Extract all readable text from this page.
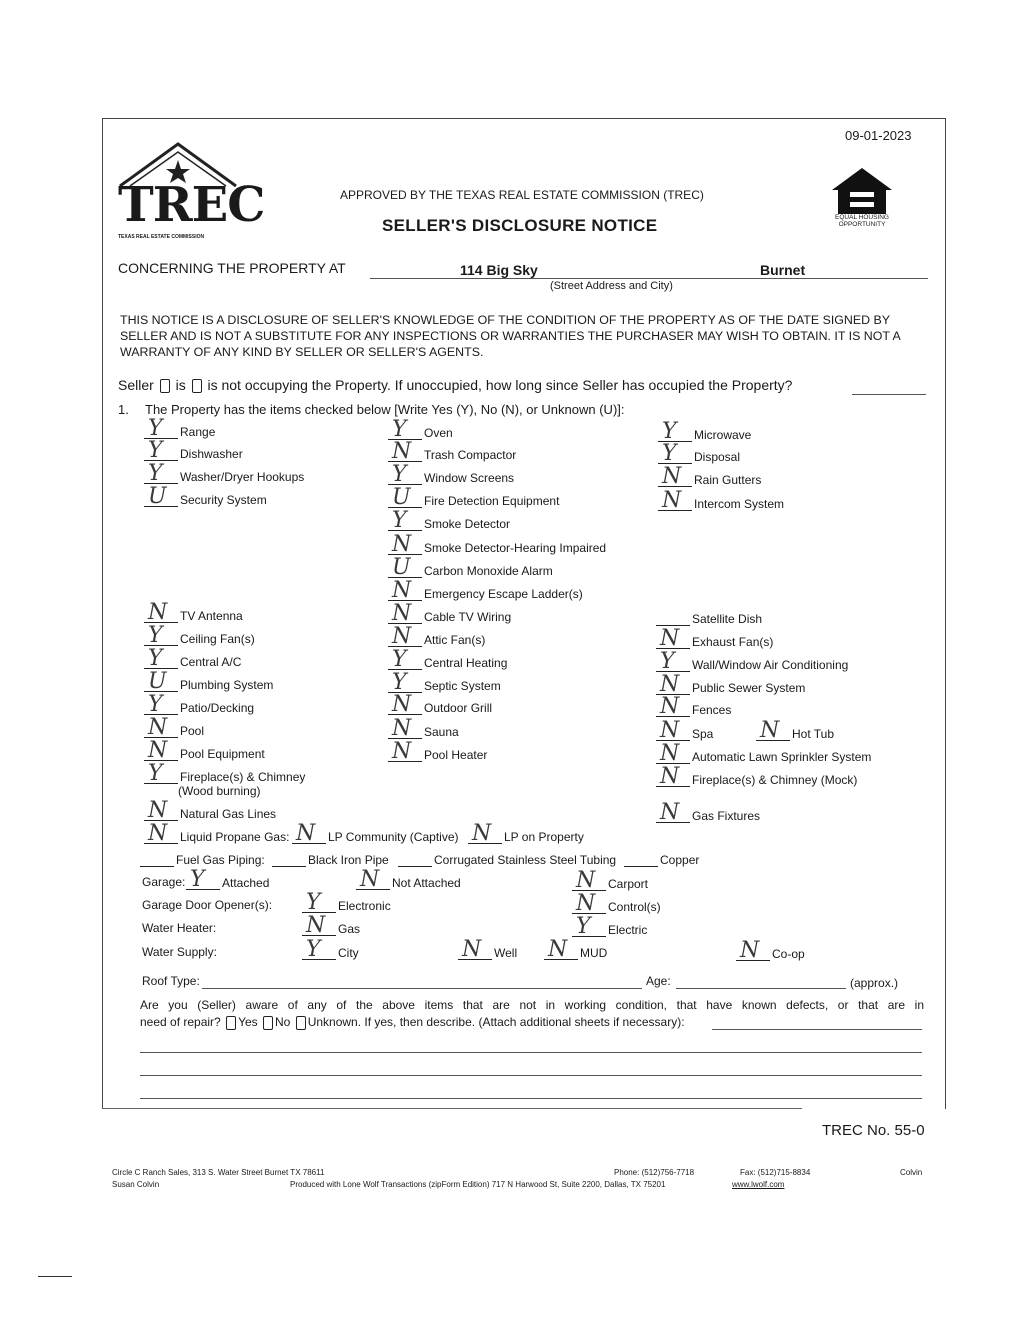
09-01-2023
TREC
TEXAS REAL ESTATE COMMISSION
APPROVED BY THE TEXAS REAL ESTATE COMMISSION (TREC)
SELLER'S DISCLOSURE NOTICE	EQUAL HOUSING OPPORTUNITY
CONCERNING THE PROPERTY AT	114 Big Sky	Burnet
(Street Address and City)
THIS NOTICE IS A DISCLOSURE OF SELLER'S KNOWLEDGE OF THE CONDITION OF THE PROPERTY AS OF THE DATE SIGNED BY SELLER AND IS NOT A SUBSTITUTE FOR ANY INSPECTIONS OR WARRANTIES THE PURCHASER MAY WISH TO OBTAIN. IT IS NOT A WARRANTY OF ANY KIND BY SELLER OR SELLER'S AGENTS.
Seller is is not occupying the Property. If unoccupied, how long since Seller has occupied the Property?
1. The Property has the items checked below [Write Yes (Y), No (N), or Unknown (U)]:
Y Range
Y Dishwasher
Y Washer/Dryer Hookups
U Security System
N TV Antenna
Y Ceiling Fan(s)
Y Central A/C
U Plumbing System
Y Patio/Decking
N Pool
N Pool Equipment
Y Fireplace(s) & Chimney
(Wood burning)
N Natural Gas Lines
N Liquid Propane Gas: N LP Community (Captive) N LP on Property
Fuel Gas Piping:	Black Iron Pipe	Corrugated Stainless Steel Tubing	Copper
Y Oven
N Trash Compactor
Y Window Screens
U Fire Detection Equipment
Y Smoke Detector
N Smoke Detector-Hearing Impaired
U Carbon Monoxide Alarm
N Emergency Escape Ladder(s)
N Cable TV Wiring
N Attic Fan(s)
Y Central Heating
Y Septic System
N Outdoor Grill
N Sauna
N Pool Heater
Y Microwave
Y Disposal
N Rain Gutters
N Intercom System
Satellite Dish
N Exhaust Fan(s)
Y Wall/Window Air Conditioning
N Public Sewer System
N Fences
N Spa N Hot Tub
N Automatic Lawn Sprinkler System
N Fireplace(s) & Chimney (Mock)
N Gas Fixtures
Garage: Y Attached	N Not Attached	N Carport
Garage Door Opener(s): Y Electronic	N Control(s)
Water Heater:	N Gas	Y Electric
Water Supply:	Y City	N Well N MUD	N Co-op
Roof Type:	Age:	(approx.)
Are you (Seller) aware of any of the above items that are not in working condition, that have known defects, or that are in
need of repair? Yes No Unknown. If yes, then describe. (Attach additional sheets if necessary):
TREC No. 55-0
Circle C Ranch Sales, 313 S. Water Street Burnet TX 78611
Susan Colvin
Phone: (512)756-7718	Fax: (512)715-8834	Colvin
Produced with Lone Wolf Transactions (zipForm Edition) 717 N Harwood St, Suite 2200, Dallas, TX 75201	www.lwolf.com
